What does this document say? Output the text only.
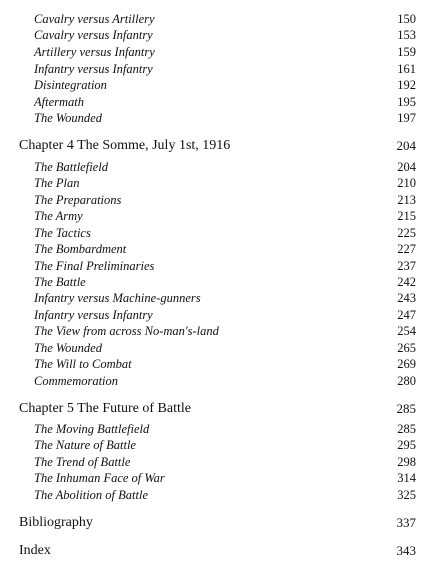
Cavalry versus Artillery	150
Cavalry versus Infantry	153
Artillery versus Infantry	159
Infantry versus Infantry	161
Disintegration	192
Aftermath	195
The Wounded	197
Chapter 4 The Somme, July 1st, 1916	204
The Battlefield	204
The Plan	210
The Preparations	213
The Army	215
The Tactics	225
The Bombardment	227
The Final Preliminaries	237
The Battle	242
Infantry versus Machine-gunners	243
Infantry versus Infantry	247
The View from across No-man's-land	254
The Wounded	265
The Will to Combat	269
Commemoration	280
Chapter 5 The Future of Battle	285
The Moving Battlefield	285
The Nature of Battle	295
The Trend of Battle	298
The Inhuman Face of War	314
The Abolition of Battle	325
Bibliography	337
Index	343
